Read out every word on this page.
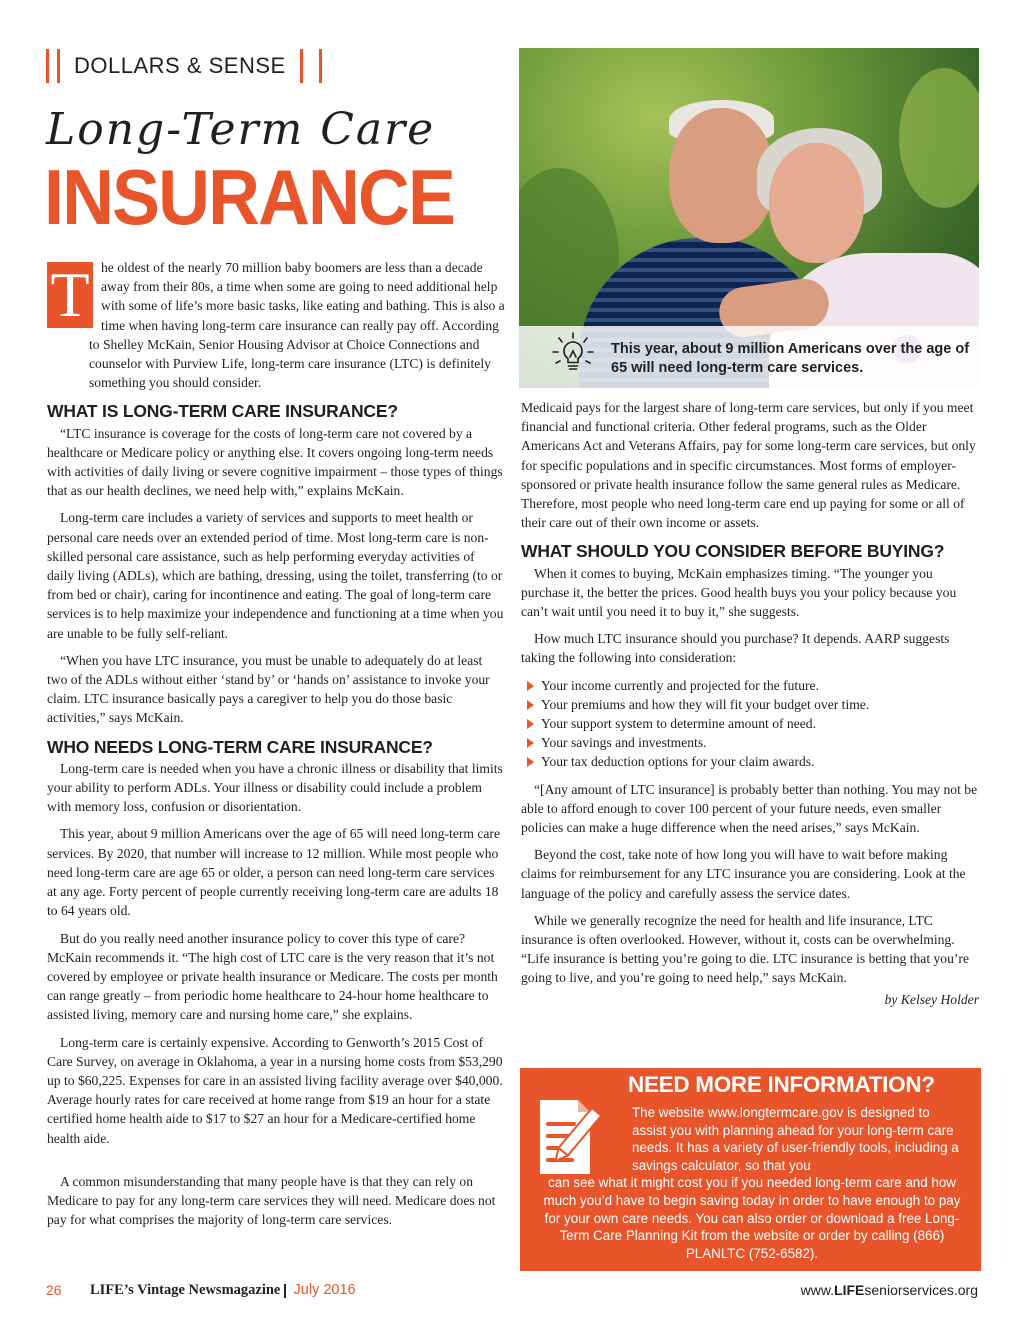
DOLLARS & SENSE
Long-Term Care
INSURANCE
This year, about 9 million Americans over the age of 65 will need long-term care services.
T he oldest of the nearly 70 million baby boomers are less than a decade away from their 80s, a time when some are going to need additional help with some of life’s more basic tasks, like eating and bathing. This is also a time when having long-term care insurance can really pay off. According to Shelley McKain, Senior Housing Advisor at Choice Connections and counselor with Purview Life, long-term care insurance (LTC) is definitely something you should consider.

WHAT IS LONG-TERM CARE INSURANCE?

“LTC insurance is coverage for the costs of long-term care not covered by a healthcare or Medicare policy or anything else. It covers ongoing long-term needs with activities of daily living or severe cognitive impairment – those types of things that as our health declines, we need help with,” explains McKain.

Long-term care includes a variety of services and supports to meet health or personal care needs over an extended period of time. Most long-term care is non-skilled personal care assistance, such as help performing everyday activities of daily living (ADLs), which are bathing, dressing, using the toilet, transferring (to or from bed or chair), caring for incontinence and eating. The goal of long-term care services is to help maximize your independence and functioning at a time when you are unable to be fully self-reliant.

“When you have LTC insurance, you must be unable to adequately do at least two of the ADLs without either ‘stand by’ or ‘hands on’ assistance to invoke your claim. LTC insurance basically pays a caregiver to help you do those basic activities,” says McKain.

WHO NEEDS LONG-TERM CARE INSURANCE?

Long-term care is needed when you have a chronic illness or disability that limits your ability to perform ADLs. Your illness or disability could include a problem with memory loss, confusion or disorientation.

This year, about 9 million Americans over the age of 65 will need long-term care services. By 2020, that number will increase to 12 million. While most people who need long-term care are age 65 or older, a person can need long-term care services at any age. Forty percent of people currently receiving long-term care are adults 18 to 64 years old.

But do you really need another insurance policy to cover this type of care? McKain recommends it. “The high cost of LTC care is the very reason that it’s not covered by employee or private health insurance or Medicare. The costs per month can range greatly – from periodic home healthcare to 24-hour home healthcare to assisted living, memory care and nursing home care,” she explains.

Long-term care is certainly expensive. According to Genworth’s 2015 Cost of Care Survey, on average in Oklahoma, a year in a nursing home costs from $53,290 up to $60,225. Expenses for care in an assisted living facility average over $40,000. Average hourly rates for care received at home range from $19 an hour for a state certified home health aide to $17 to $27 an hour for a Medicare-certified home health aide.

A common misunderstanding that many people have is that they can rely on Medicare to pay for any long-term care services they will need. Medicare does not pay for what comprises the majority of long-term care services.

Medicaid pays for the largest share of long-term care services, but only if you meet financial and functional criteria. Other federal programs, such as the Older Americans Act and Veterans Affairs, pay for some long-term care services, but only for specific populations and in specific circumstances. Most forms of employer-sponsored or private health insurance follow the same general rules as Medicare. Therefore, most people who need long-term care end up paying for some or all of their care out of their own income or assets.

WHAT SHOULD YOU CONSIDER BEFORE BUYING?

When it comes to buying, McKain emphasizes timing. “The younger you purchase it, the better the prices. Good health buys you your policy because you can’t wait until you need it to buy it,” she suggests.

How much LTC insurance should you purchase? It depends. AARP suggests taking the following into consideration:

Your income currently and projected for the future.
Your premiums and how they will fit your budget over time.
Your support system to determine amount of need.
Your savings and investments.
Your tax deduction options for your claim awards.

“[Any amount of LTC insurance] is probably better than nothing. You may not be able to afford enough to cover 100 percent of your future needs, even smaller policies can make a huge difference when the need arises,” says McKain.

Beyond the cost, take note of how long you will have to wait before making claims for reimbursement for any LTC insurance you are considering. Look at the language of the policy and carefully assess the service dates.

While we generally recognize the need for health and life insurance, LTC insurance is often overlooked. However, without it, costs can be overwhelming. “Life insurance is betting you’re going to die. LTC insurance is betting that you’re going to live, and you’re going to need help,” says McKain.

by Kelsey Holder
NEED MORE INFORMATION?
The website www.longtermcare.gov is designed to assist you with planning ahead for your long-term care needs. It has a variety of user-friendly tools, including a savings calculator, so that you
can see what it might cost you if you needed long-term care and how much you’d have to begin saving today in order to have enough to pay for your own care needs. You can also order or download a free Long-Term Care Planning Kit from the website or order by calling (866) PLANLTC (752-6582).
26 LIFE’s Vintage Newsmagazine July 2016	www.LIFEseniorservices.org
